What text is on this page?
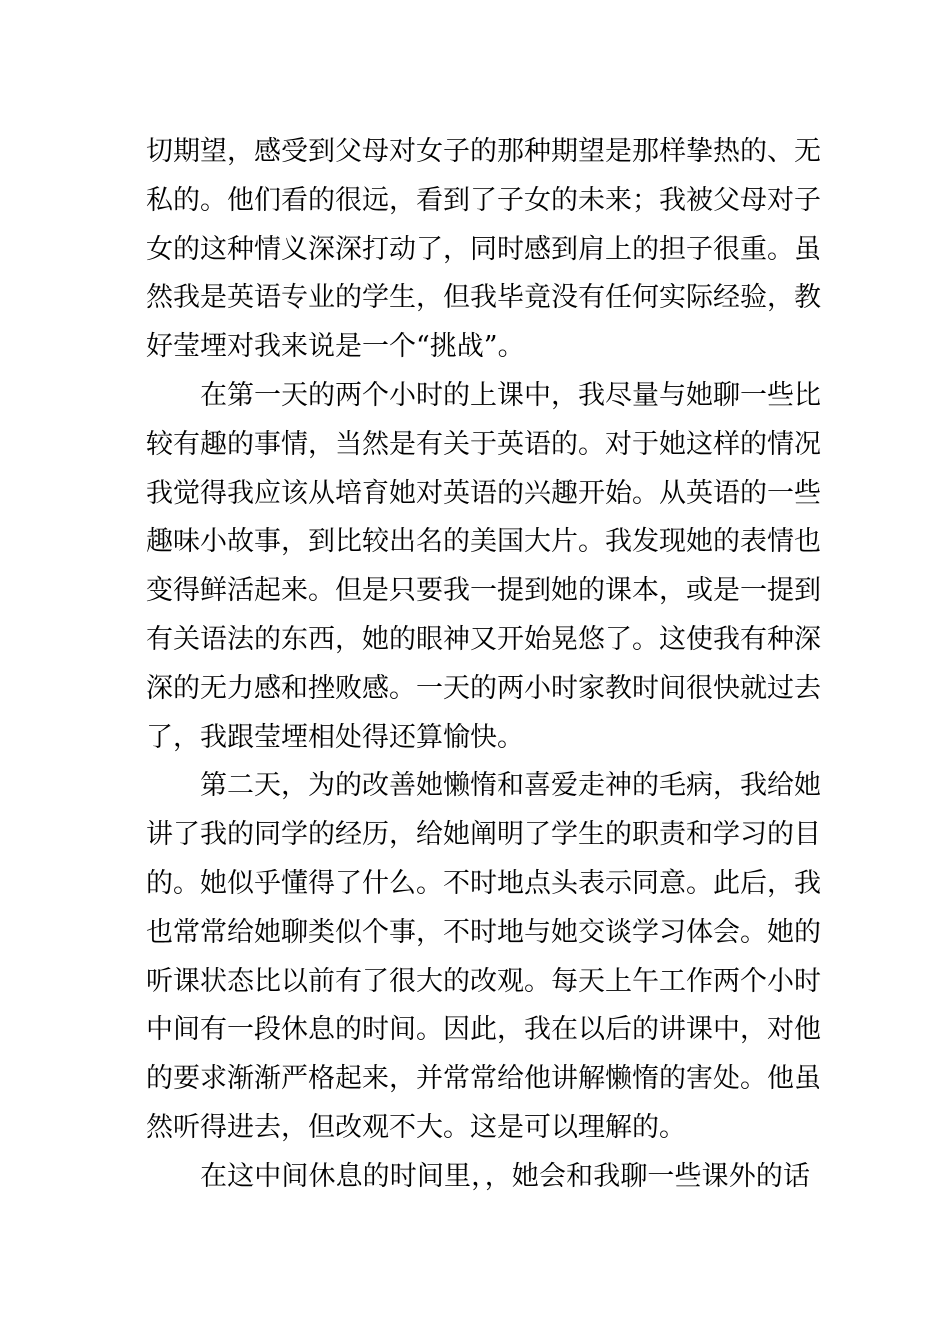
切期望，感受到父母对女子的那种期望是那样挚热的、无
私的。他们看的很远，看到了子女的未来；我被父母对子
女的这种情义深深打动了，同时感到肩上的担子很重。虽
然我是英语专业的学生，但我毕竟没有任何实际经验，教
好莹堙对我来说是一个“挑战”。
在第一天的两个小时的上课中，我尽量与她聊一些比
较有趣的事情，当然是有关于英语的。对于她这样的情况
我觉得我应该从培育她对英语的兴趣开始。从英语的一些
趣味小故事，到比较出名的美国大片。我发现她的表情也
变得鲜活起来。但是只要我一提到她的课本，或是一提到
有关语法的东西，她的眼神又开始晃悠了。这使我有种深
深的无力感和挫败感。一天的两小时家教时间很快就过去
了，我跟莹堙相处得还算愉快。
第二天，为的改善她懒惰和喜爱走神的毛病，我给她
讲了我的同学的经历，给她阐明了学生的职责和学习的目
的。她似乎懂得了什么。不时地点头表示同意。此后，我
也常常给她聊类似个事，不时地与她交谈学习体会。她的
听课状态比以前有了很大的改观。每天上午工作两个小时
中间有一段休息的时间。因此，我在以后的讲课中，对他
的要求渐渐严格起来，并常常给他讲解懒惰的害处。他虽
然听得进去，但改观不大。这是可以理解的。
在这中间休息的时间里，，她会和我聊一些课外的话
